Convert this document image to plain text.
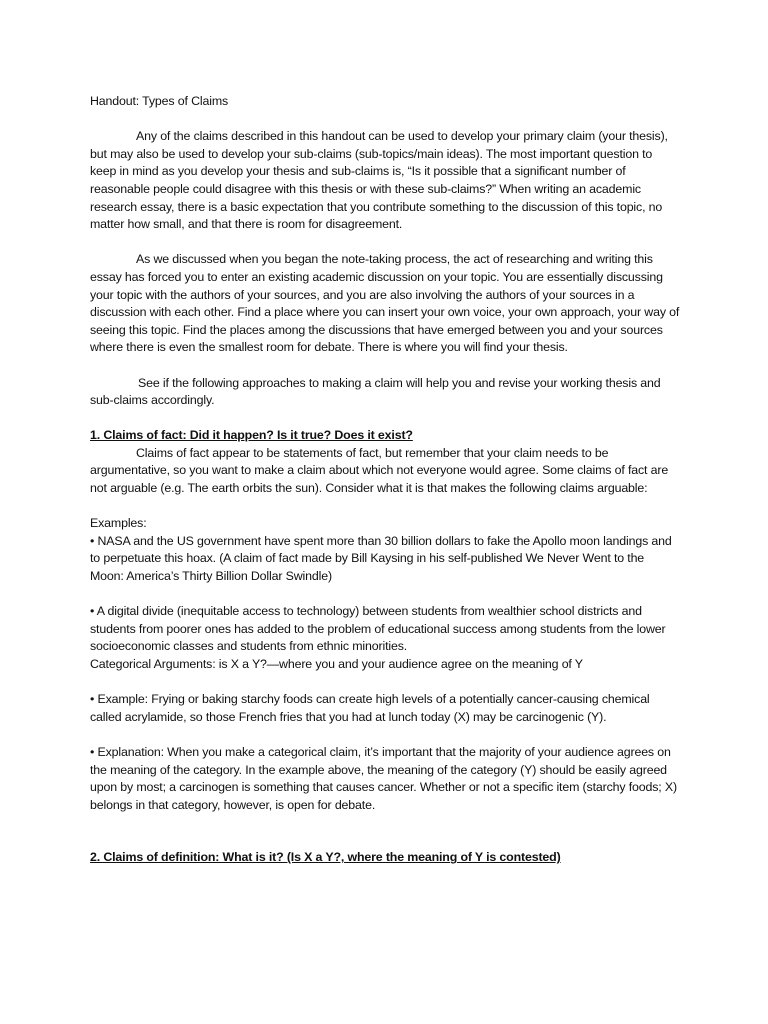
Handout: Types of Claims

Any of the claims described in this handout can be used to develop your primary claim (your thesis), but may also be used to develop your sub-claims (sub-topics/main ideas). The most important question to keep in mind as you develop your thesis and sub-claims is, “Is it possible that a significant number of reasonable people could disagree with this thesis or with these sub-claims?” When writing an academic research essay, there is a basic expectation that you contribute something to the discussion of this topic, no matter how small, and that there is room for disagreement.

As we discussed when you began the note-taking process, the act of researching and writing this essay has forced you to enter an existing academic discussion on your topic. You are essentially discussing your topic with the authors of your sources, and you are also involving the authors of your sources in a discussion with each other. Find a place where you can insert your own voice, your own approach, your way of seeing this topic. Find the places among the discussions that have emerged between you and your sources where there is even the smallest room for debate. There is where you will find your thesis.

See if the following approaches to making a claim will help you and revise your working thesis and sub-claims accordingly.

1. Claims of fact: Did it happen? Is it true? Does it exist?

Claims of fact appear to be statements of fact, but remember that your claim needs to be argumentative, so you want to make a claim about which not everyone would agree. Some claims of fact are not arguable (e.g. The earth orbits the sun). Consider what it is that makes the following claims arguable:

Examples:

• NASA and the US government have spent more than 30 billion dollars to fake the Apollo moon landings and to perpetuate this hoax. (A claim of fact made by Bill Kaysing in his self-published We Never Went to the Moon: America’s Thirty Billion Dollar Swindle)

• A digital divide (inequitable access to technology) between students from wealthier school districts and students from poorer ones has added to the problem of educational success among students from the lower socioeconomic classes and students from ethnic minorities.

Categorical Arguments: is X a Y?—where you and your audience agree on the meaning of Y

• Example: Frying or baking starchy foods can create high levels of a potentially cancer-causing chemical called acrylamide, so those French fries that you had at lunch today (X) may be carcinogenic (Y).

• Explanation: When you make a categorical claim, it’s important that the majority of your audience agrees on the meaning of the category. In the example above, the meaning of the category (Y) should be easily agreed upon by most; a carcinogen is something that causes cancer. Whether or not a specific item (starchy foods; X) belongs in that category, however, is open for debate.

2. Claims of definition: What is it? (Is X a Y?, where the meaning of Y is contested)
